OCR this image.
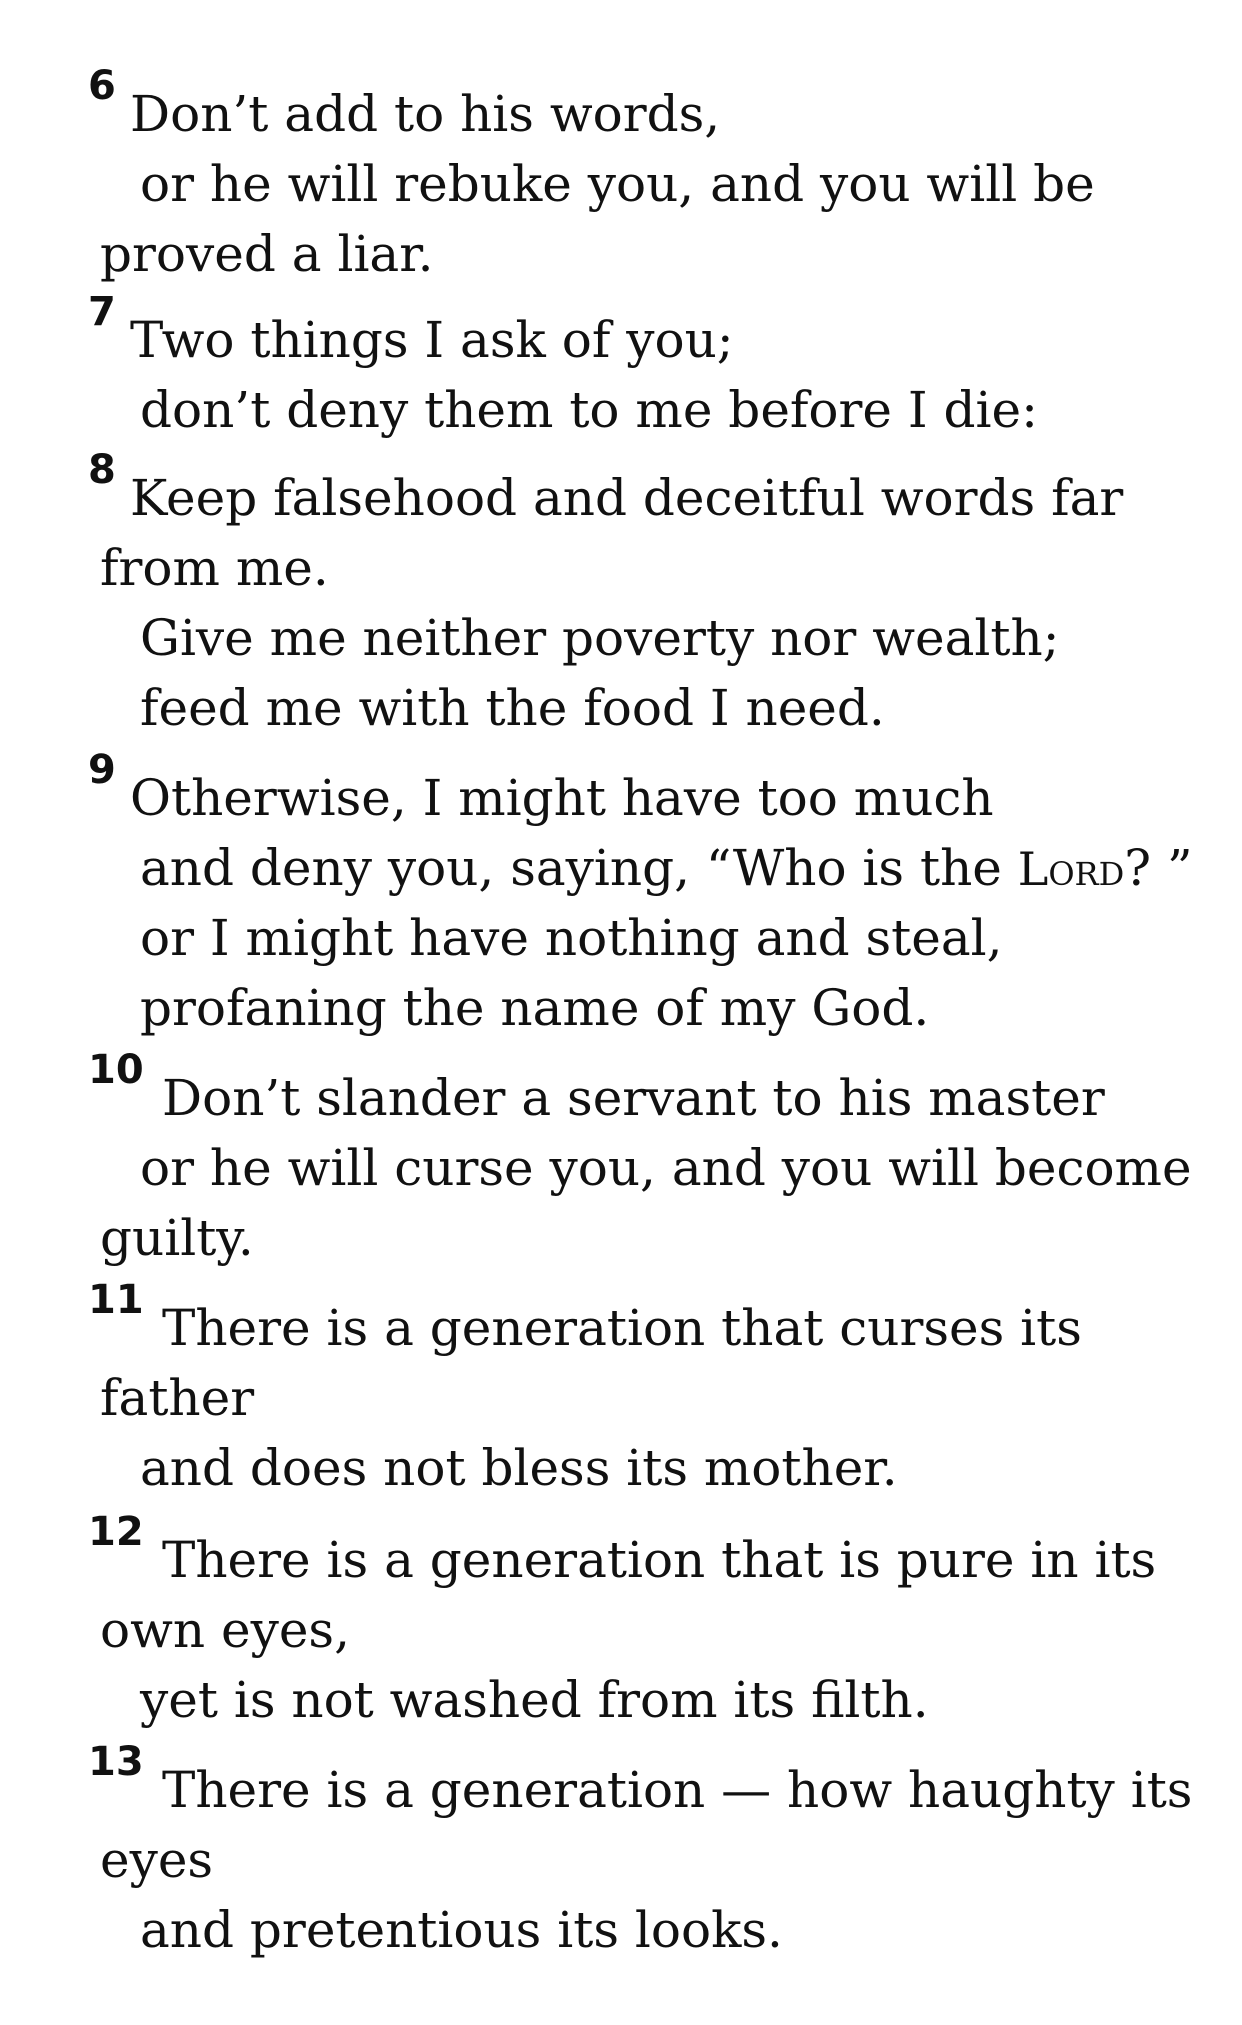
6 Don’t add to his words,
or he will rebuke you, and you will be
proved a liar.
7 Two things I ask of you;
don’t deny them to me before I die:
8 Keep falsehood and deceitful words far
from me.
Give me neither poverty nor wealth;
feed me with the food I need.
9 Otherwise, I might have too much
and deny you, saying, “Who is the Lord? ”
or I might have nothing and steal,
profaning the name of my God.
10 Don’t slander a servant to his master
or he will curse you, and you will become
guilty.
11 There is a generation that curses its
father
and does not bless its mother.
12 There is a generation that is pure in its
own eyes,
yet is not washed from its filth.
13 There is a generation — how haughty its
eyes
and pretentious its looks.
